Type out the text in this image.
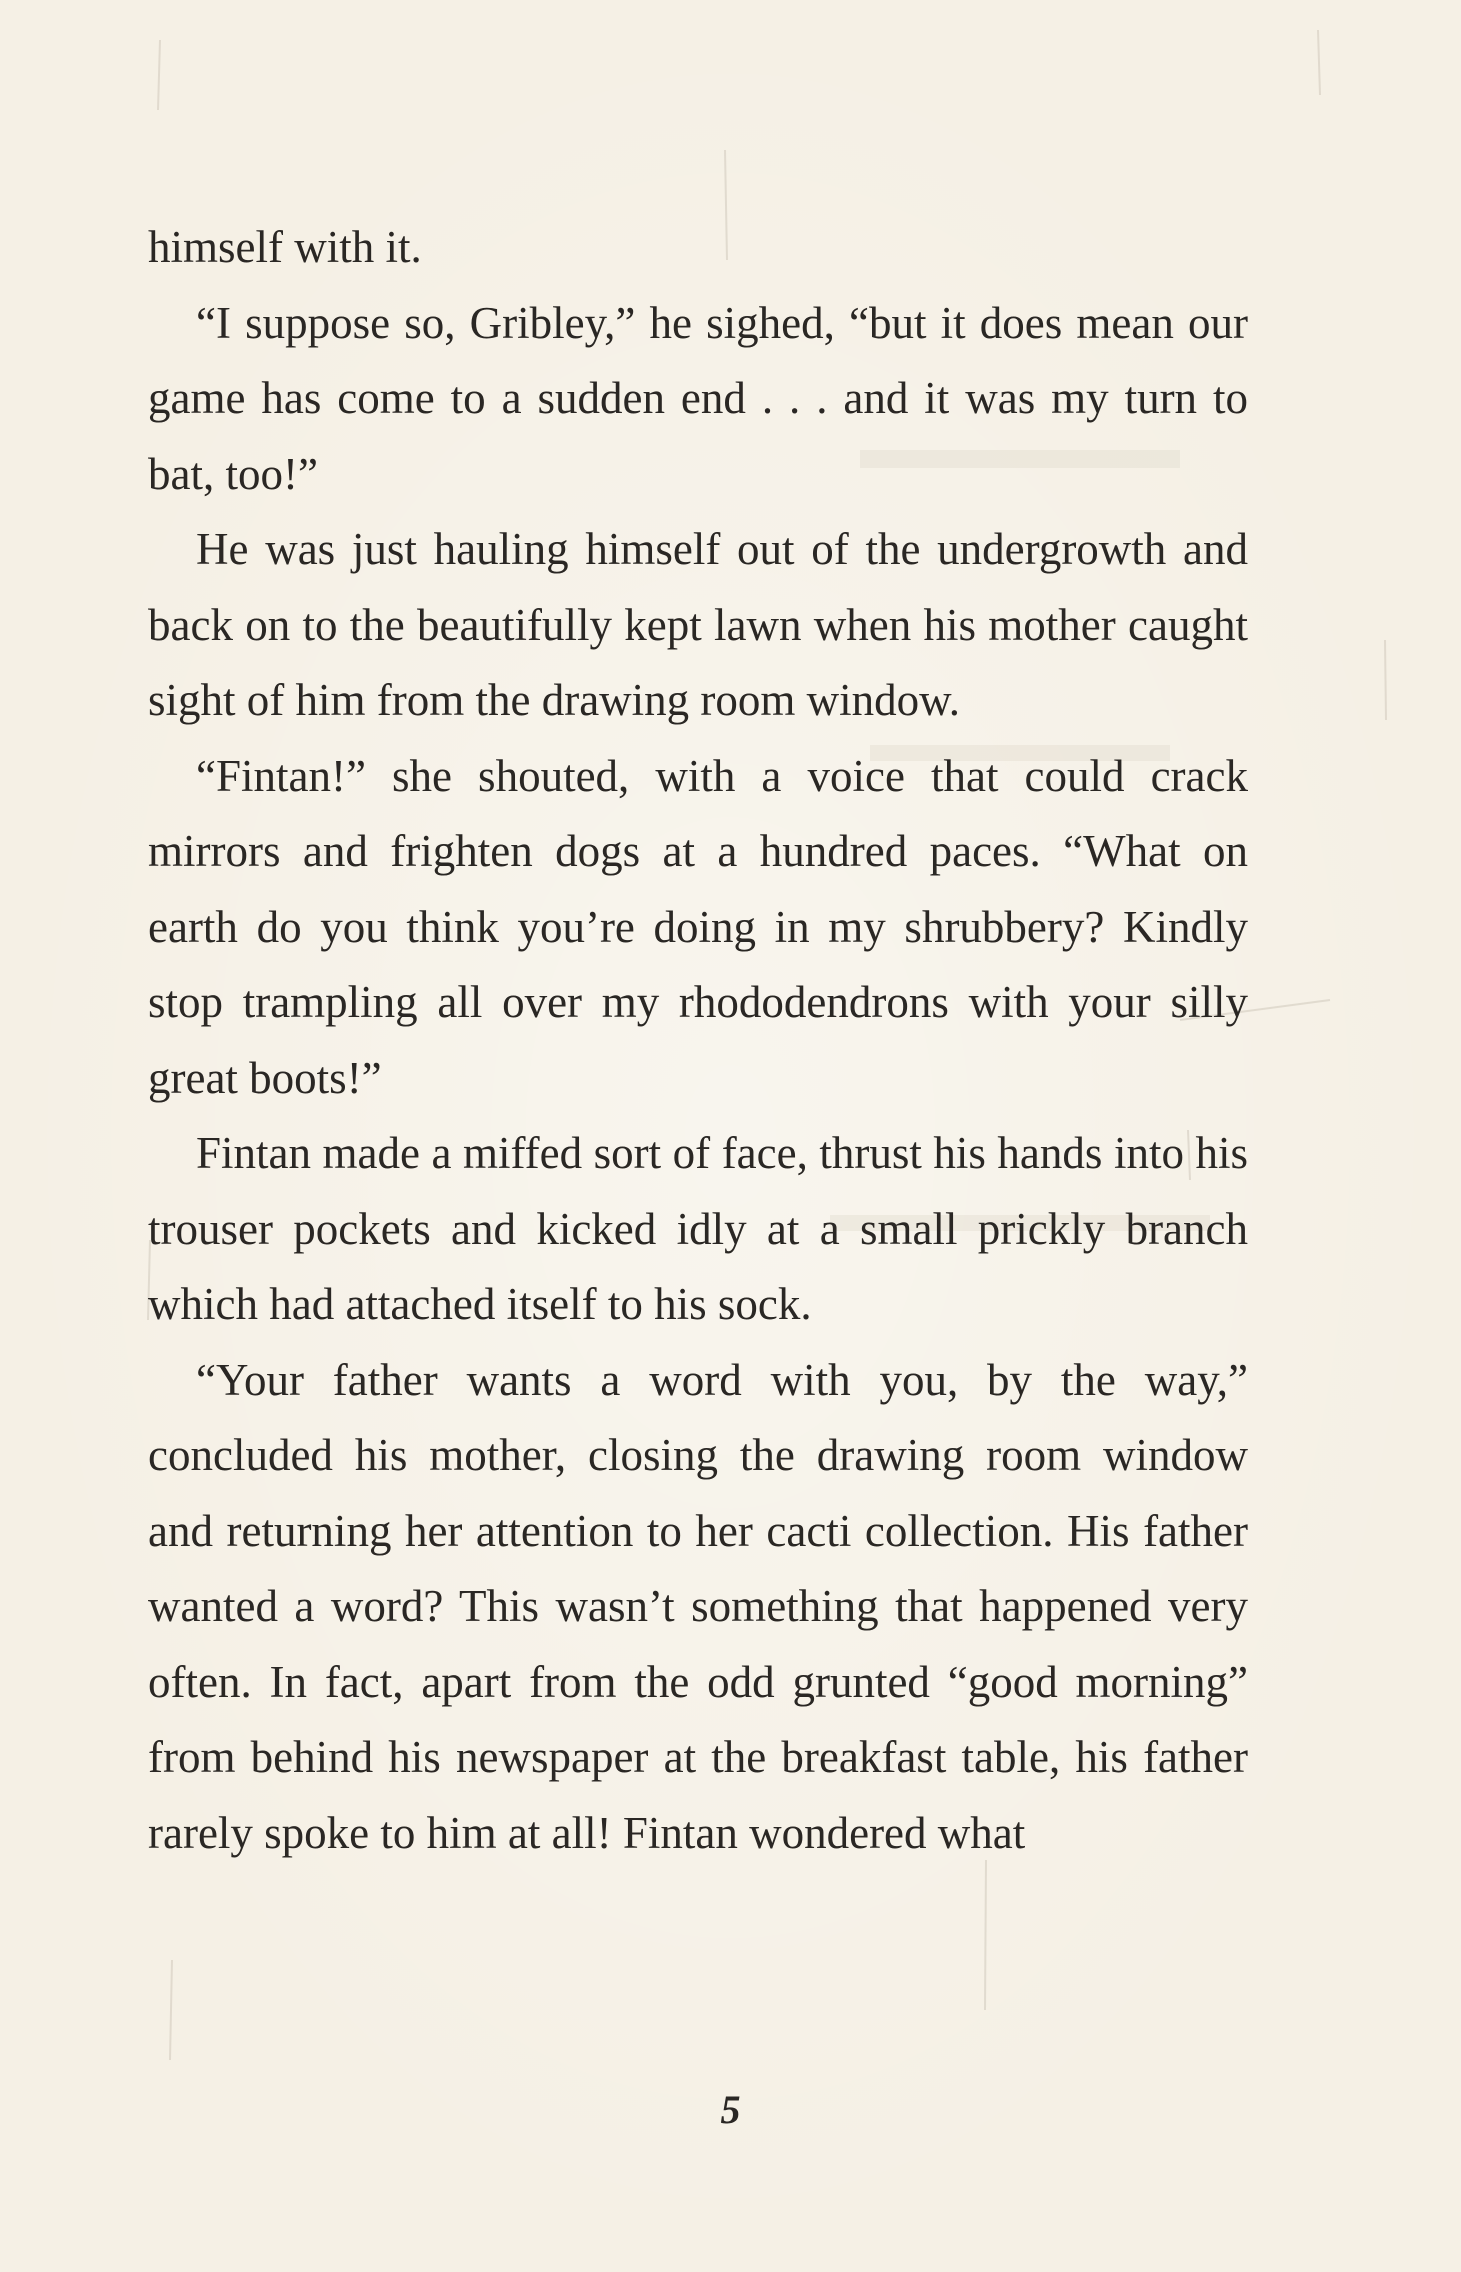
himself with it.

“I suppose so, Gribley,” he sighed, “but it does mean our game has come to a sudden end . . . and it was my turn to bat, too!”

He was just hauling himself out of the undergrowth and back on to the beautifully kept lawn when his mother caught sight of him from the drawing room window.

“Fintan!” she shouted, with a voice that could crack mirrors and frighten dogs at a hundred paces. “What on earth do you think you’re doing in my shrubbery? Kindly stop trampling all over my rhododendrons with your silly great boots!”

Fintan made a miffed sort of face, thrust his hands into his trouser pockets and kicked idly at a small prickly branch which had attached itself to his sock.

“Your father wants a word with you, by the way,” concluded his mother, closing the drawing room window and returning her attention to her cacti collection. His father wanted a word? This wasn’t something that happened very often. In fact, apart from the odd grunted “good morning” from behind his newspaper at the breakfast table, his father rarely spoke to him at all! Fintan wondered what

5
